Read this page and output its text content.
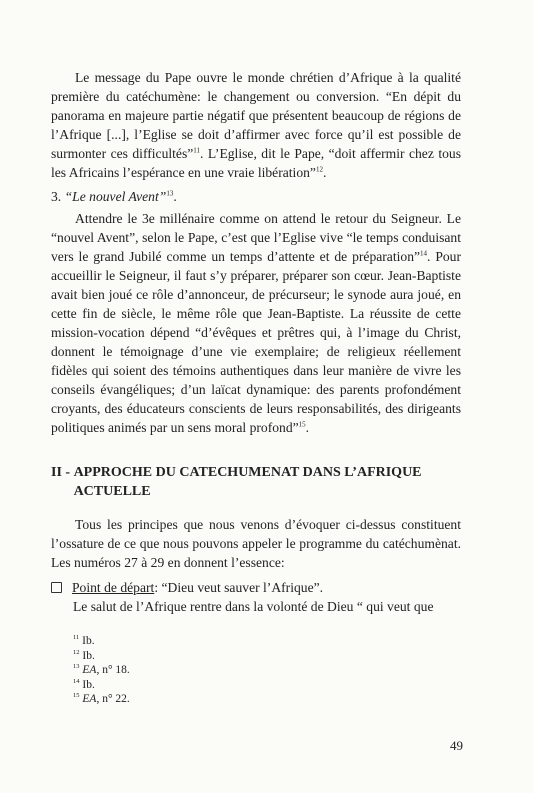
Le message du Pape ouvre le monde chrétien d’Afrique à la qualité première du catéchumène: le changement ou conversion. “En dépit du panorama en majeure partie négatif que présentent beaucoup de régions de l’Afrique [...], l’Eglise se doit d’affirmer avec force qu’il est possible de surmonter ces difficultés”$^{11}$. L’Eglise, dit le Pape, “doit affermir chez tous les Africains l’espérance en une vraie libération”$^{12}$.

3. “Le nouvel Avent”$^{13}$.

Attendre le 3e millénaire comme on attend le retour du Seigneur. Le “nouvel Avent”, selon le Pape, c’est que l’Eglise vive “le temps conduisant vers le grand Jubilé comme un temps d’attente et de préparation”$^{14}$. Pour accueillir le Seigneur, il faut s’y préparer, préparer son cœur. Jean-Baptiste avait bien joué ce rôle d’annonceur, de précurseur; le synode aura joué, en cette fin de siècle, le même rôle que Jean-Baptiste. La réussite de cette mission-vocation dépend “d’évêques et prêtres qui, à l’image du Christ, donnent le témoignage d’une vie exemplaire; de religieux réellement fidèles qui soient des témoins authentiques dans leur manière de vivre les conseils évangéliques; d’un laïcat dynamique: des parents profondément croyants, des éducateurs conscients de leurs responsabilités, des dirigeants politiques animés par un sens moral profond”$^{15}$.

II - APPROCHE DU CATECHUMENAT DANS L’AFRIQUE ACTUELLE

Tous les principes que nous venons d’évoquer ci-dessus constituent l’ossature de ce que nous pouvons appeler le programme du catéchumènat. Les numéros 27 à 29 en donnent l’essence:

Point de départ: “Dieu veut sauver l’Afrique”.

Le salut de l’Afrique rentre dans la volonté de Dieu “ qui veut que

$^{11}$ Ib.
$^{12}$ Ib.
$^{13}$ EA, n° 18.
$^{14}$ Ib.
$^{15}$ EA, n° 22.
49
